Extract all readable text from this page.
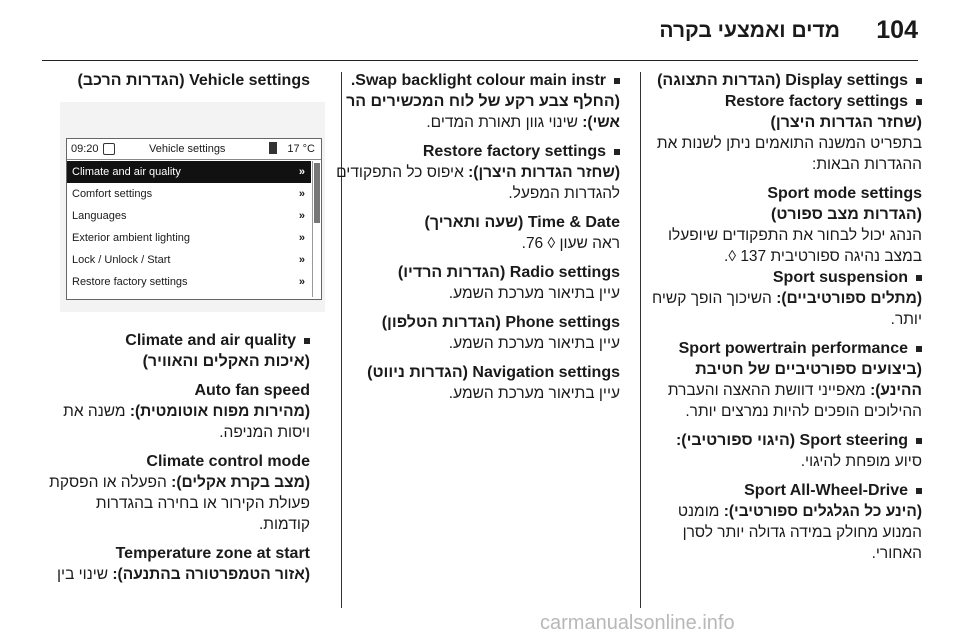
104
מדים ואמצעי בקרה
Display settings (הגדרות התצוגה)
Restore factory settings
(שחזר הגדרות היצרן)
בתפריט המשנה התואמים ניתן לשנות את ההגדרות הבאות:
Sport mode settings
(הגדרות מצב ספורט)
הנהג יכול לבחור את התפקודים שיופעלו במצב נהיגה ספורטיבית 137 ◊.
Sport suspension
(מתלים ספורטיביים): השיכוך הופך קשיח יותר.
Sport powertrain performance
(ביצועים ספורטיביים של חטיבת
ההינע): מאפייני דוושת ההאצה והעברת ההילוכים הופכים להיות נמרצים יותר.
Sport steering (היגוי ספורטיבי):
סיוע מופחת להיגוי.
Sport All-Wheel-Drive
(הינע כל הגלגלים ספורטיבי): מומנט המנוע מחולק במידה גדולה יותר לסרן האחורי.
Swap backlight colour main instr.
(החלף צבע רקע של לוח המכשירים הר
אשי): שינוי גוון תאורת המדים.
Restore factory settings
(שחזר הגדרות היצרן): איפוס כל התפקודים להגדרות המפעל.
Time & Date (שעה ותאריך)
ראה שעון ◊ 76.
Radio settings (הגדרות הרדיו)
עיין בתיאור מערכת השמע.
Phone settings (הגדרות הטלפון)
עיין בתיאור מערכת השמע.
Navigation settings (הגדרות ניווט)
עיין בתיאור מערכת השמע.
Vehicle settings (הגדרות הרכב)
09:20	Vehicle settings	17 °C
Climate and air quality	»
Comfort settings	»
Languages	»
Exterior ambient lighting	»
Lock / Unlock / Start	»
Restore factory settings	»
Climate and air quality
(איכות האקלים והאוויר)
Auto fan speed
(מהירות מפוח אוטומטית): משנה את ויסות המניפה.
Climate control mode
(מצב בקרת אקלים): הפעלה או הפסקת פעולת הקירור או בחירה בהגדרות קודמות.
Temperature zone at start
(אזור הטמפרטורה בהתנעה): שינוי בין
carmanualsonline.info
